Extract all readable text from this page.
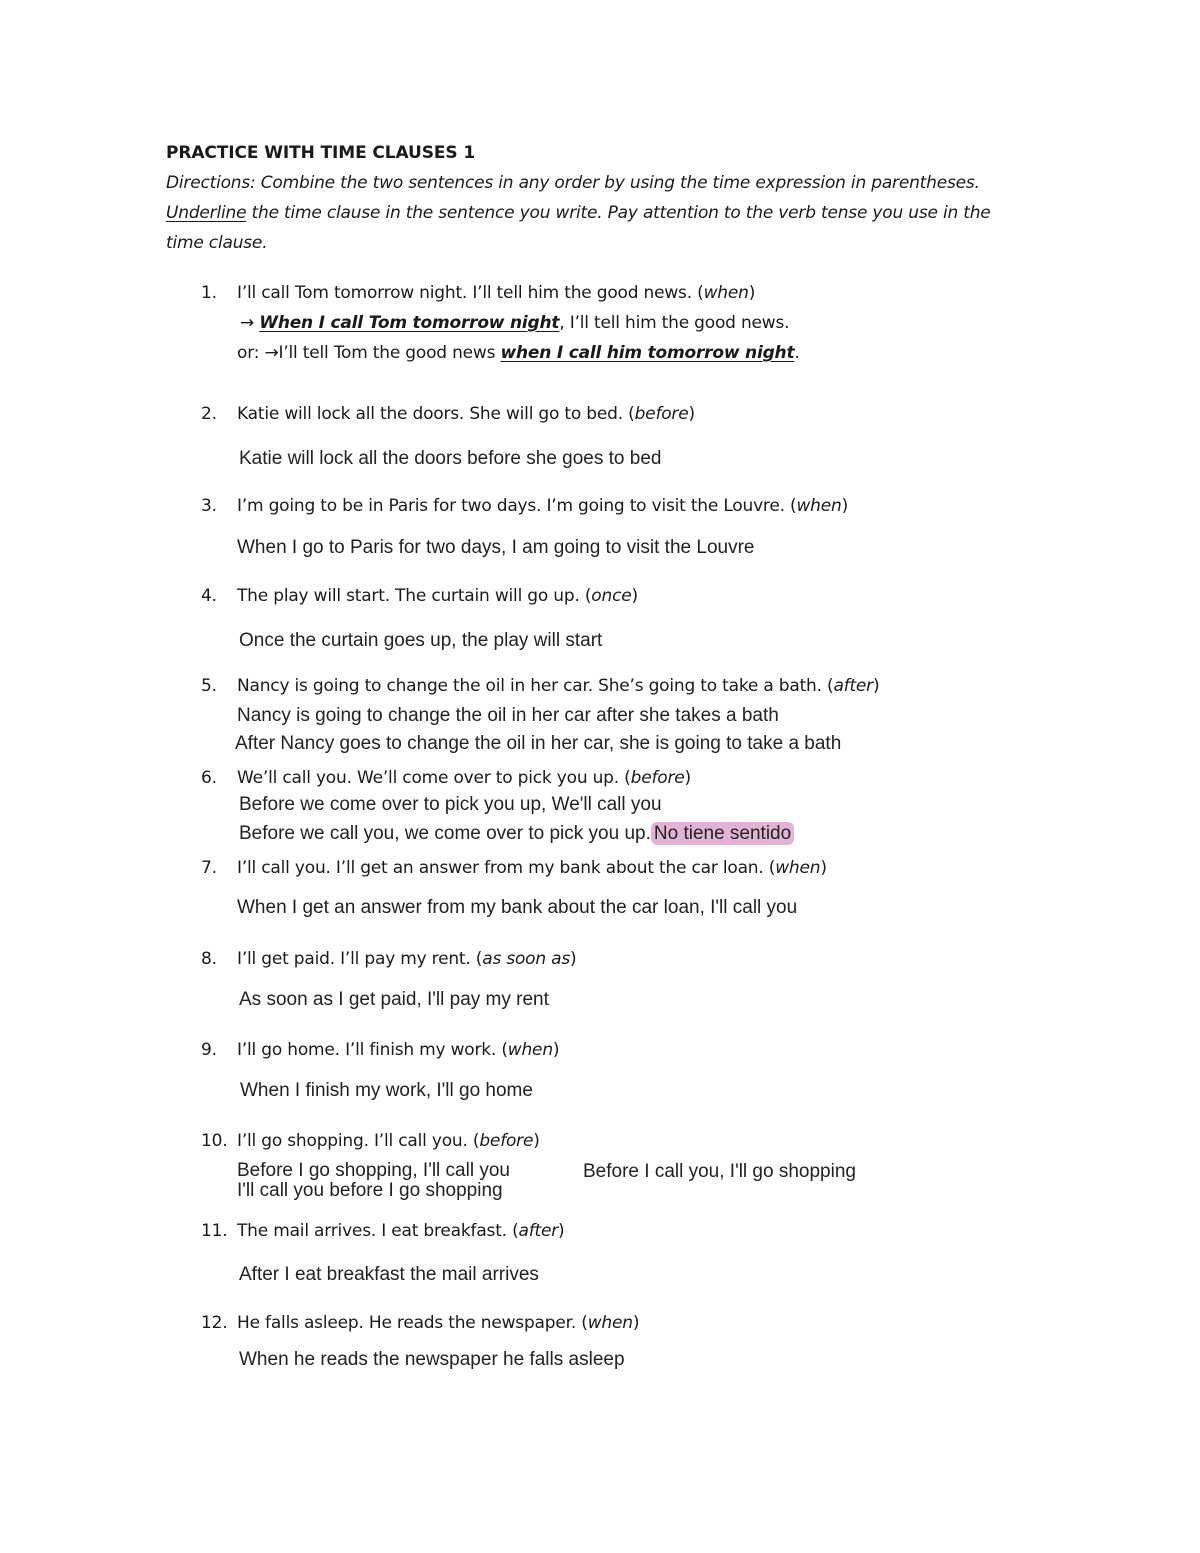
PRACTICE WITH TIME CLAUSES 1
Directions: Combine the two sentences in any order by using the time expression in parentheses.
Underline the time clause in the sentence you write. Pay attention to the verb tense you use in the
time clause.
1. I’ll call Tom tomorrow night. I’ll tell him the good news. (when)
→ When I call Tom tomorrow night, I’ll tell him the good news.
or: →I’ll tell Tom the good news when I call him tomorrow night.
2. Katie will lock all the doors. She will go to bed. (before)
Katie will lock all the doors before she goes to bed
3. I’m going to be in Paris for two days. I’m going to visit the Louvre. (when)
When I go to Paris for two days, I am going to visit the Louvre
4. The play will start. The curtain will go up. (once)
Once the curtain goes up, the play will start
5. Nancy is going to change the oil in her car. She’s going to take a bath. (after)
Nancy is going to change the oil in her car after she takes a bath
After Nancy goes to change the oil in her car, she is going to take a bath
6. We’ll call you. We’ll come over to pick you up. (before)
Before we come over to pick you up, We'll call you
Before we call you, we come over to pick you up. No tiene sentido
7. I’ll call you. I’ll get an answer from my bank about the car loan. (when)
When I get an answer from my bank about the car loan, I'll call you
8. I’ll get paid. I’ll pay my rent. (as soon as)
As soon as I get paid, I'll pay my rent
9. I’ll go home. I’ll finish my work. (when)
When I finish my work, I'll go home
10. I’ll go shopping. I’ll call you. (before)
Before I go shopping, I'll call you
I'll call you before I go shopping
Before I call you, I'll go shopping
11. The mail arrives. I eat breakfast. (after)
After I eat breakfast the mail arrives
12. He falls asleep. He reads the newspaper. (when)
When he reads the newspaper he falls asleep
